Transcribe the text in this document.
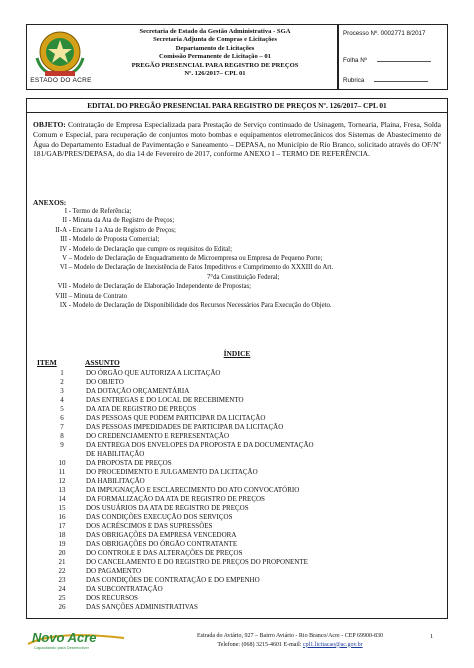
ESTADO DO ACRE
Secretaria de Estado da Gestão Administrativa - SGA
Secretaria Adjunta de Compras e Licitações
Departamento de Licitações
Comissão Permanente de Licitação – 01
PREGÃO PRESENCIAL PARA REGISTRO DE PREÇOS
Nº. 126/2017– CPL 01
Processo Nº. 0002771 8/2017
Folha Nº
Rubrica
EDITAL DO PREGÃO PRESENCIAL PARA REGISTRO DE PREÇOS Nº. 126/2017– CPL 01
OBJETO: Contratação de Empresa Especializada para Prestação de Serviço continuado de Usinagem, Tornearia, Plaina, Fresa, Solda Comum e Especial, para recuperação de conjuntos moto bombas e equipamentos eletromecânicos dos Sistemas de Abastecimento de Água do Departamento Estadual de Pavimentação e Saneamento – DEPASA, no Município de Rio Branco, solicitado através do OF/Nº 181/GAB/PRES/DEPASA, do dia 14 de Fevereiro de 2017, conforme ANEXO I – TERMO DE REFERÊNCIA.
ANEXOS:
I - Termo de Referência;
II - Minuta da Ata de Registro de Preços;
II-A - Encarte I a Ata de Registro de Preços;
III - Modelo de Proposta Comercial;
IV - Modelo de Declaração que cumpre os requisitos do Edital;
V – Modelo de Declaração de Enquadramento de Microempresa ou Empresa de Pequeno Porte;
VI – Modelo de Declaração de Inexistência de Fatos Impeditivos e Cumprimento do XXXIII do Art.
7°da Constituição Federal;
VII - Modelo de Declaração de Elaboração Independente de Propostas;
VIII – Minuta de Contrato
IX - Modelo de Declaração de Disponibilidade dos Recursos Necessários Para Execução do Objeto.
ÍNDICE
ITEM	ASSUNTO
1	DO ÓRGÃO QUE AUTORIZA A LICITAÇÃO
2	DO OBJETO
3	DA DOTAÇÃO ORÇAMENTÁRIA
4	DAS ENTREGAS E DO LOCAL DE RECEBIMENTO
5	DA ATA DE REGISTRO DE PREÇOS
6	DAS PESSOAS QUE PODEM PARTICIPAR DA LICITAÇÃO
7	DAS PESSOAS IMPEDIDADES DE PARTICIPAR DA LICITAÇÃO
8	DO CREDENCIAMENTO E REPRESENTAÇÃO
9	DA ENTREGA DOS ENVELOPES DA PROPOSTA E DA DOCUMENTAÇÃO
DE HABILITAÇÃO
10	DA PROPOSTA DE PREÇOS
11	DO PROCEDIMENTO E JULGAMENTO DA LICITAÇÃO
12	DA HABILITAÇÃO
13	DA IMPUGNAÇÃO E ESCLARECIMENTO DO ATO CONVOCATÓRIO
14	DA FORMALIZAÇÃO DA ATA DE REGISTRO DE PREÇOS
15	DOS USUÁRIOS DA ATA DE REGISTRO DE PREÇOS
16	DAS CONDIÇÕES EXECUÇÃO DOS SERVIÇOS
17	DOS ACRÉSCIMOS E DAS SUPRESSÕES
18	DAS OBRIGAÇÕES DA EMPRESA VENCEDORA
19	DAS OBRIGAÇÕES DO ÓRGÃO CONTRATANTE
20	DO CONTROLE E DAS ALTERAÇÕES DE PREÇOS
21	DO CANCELAMENTO E DO REGISTRO DE PREÇOS DO PROPONENTE
22	DO PAGAMENTO
23	DAS CONDIÇÕES DE CONTRATAÇÃO E DO EMPENHO
24	DA SUBCONTRATAÇÃO
25	DOS RECURSOS
26	DAS SANÇÕES ADMINISTRATIVAS
Novo Acre
Capacitando para Desenvolver
Estrada do Aviário, 927 – Bairro Aviário - Rio Branco/Acre - CEP 69900-830
Telefone: (068) 3215-4601 E-mail: cpl1.licitacao@ac.gov.br
1
